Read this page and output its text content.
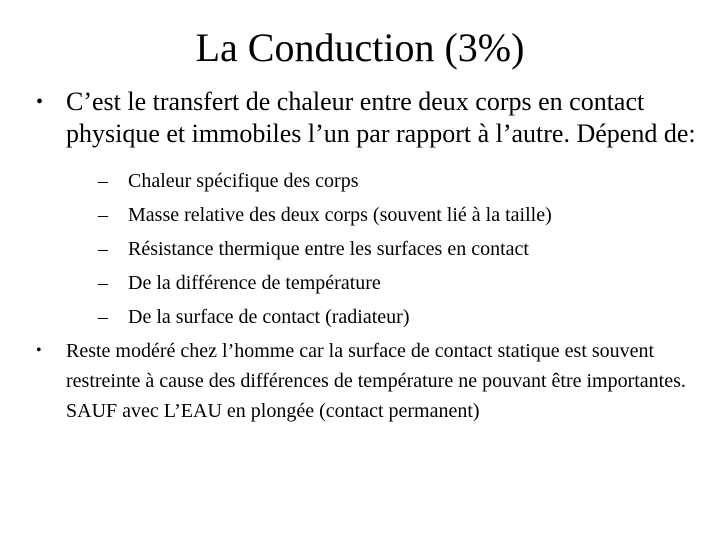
La Conduction (3%)
• C’est le transfert de chaleur entre deux corps en contact physique et immobiles l’un par rapport à l’autre. Dépend de:
– Chaleur spécifique des corps
– Masse relative des deux corps (souvent lié à la taille)
– Résistance thermique entre les surfaces en contact
– De la différence de température
– De la surface de contact (radiateur)
• Reste modéré chez l’homme car la surface de contact statique est souvent restreinte à cause des différences de température ne pouvant être importantes. SAUF avec L’EAU en plongée (contact permanent)
